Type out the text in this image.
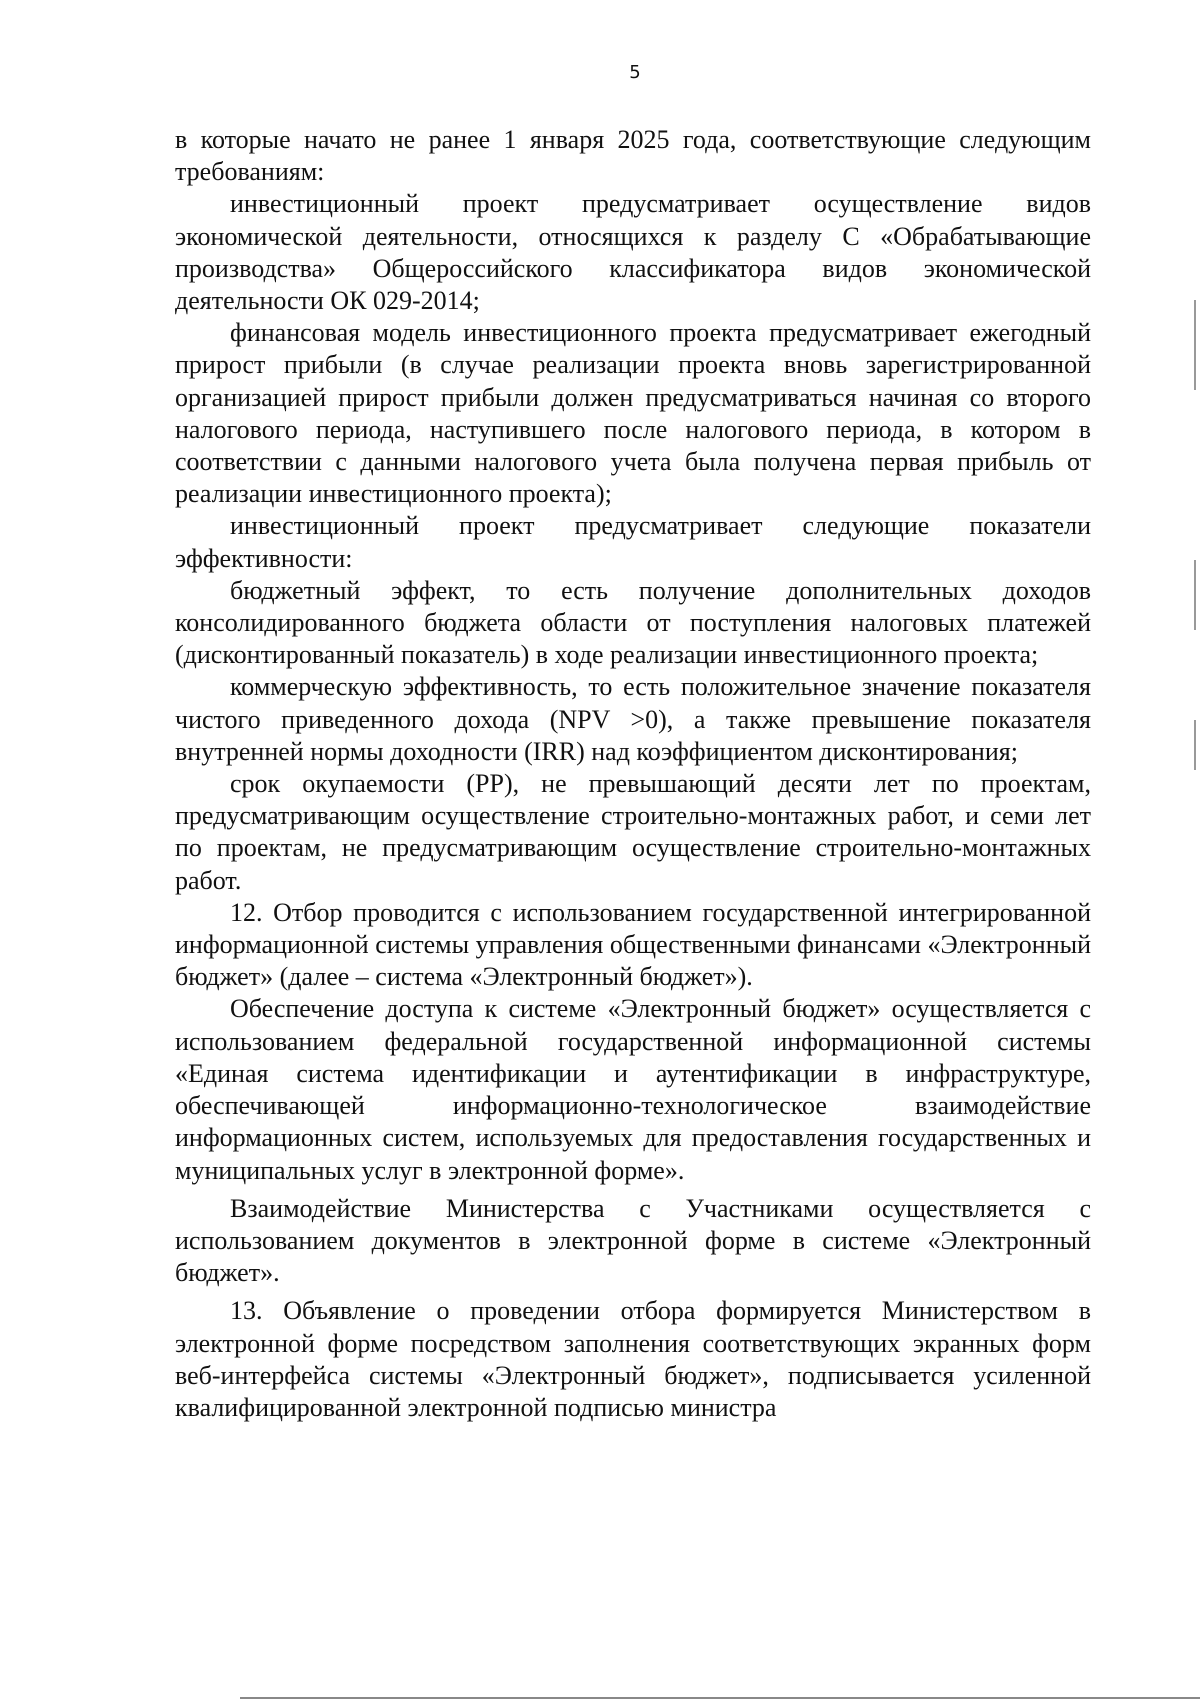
5

в которые начато не ранее 1 января 2025 года, соответствующие следующим требованиям:

инвестиционный проект предусматривает осуществление видов экономической деятельности, относящихся к разделу C «Обрабатывающие производства» Общероссийского классификатора видов экономической деятельности ОК 029-2014;

финансовая модель инвестиционного проекта предусматривает ежегодный прирост прибыли (в случае реализации проекта вновь зарегистрированной организацией прирост прибыли должен предусматриваться начиная со второго налогового периода, наступившего после налогового периода, в котором в соответствии с данными налогового учета была получена первая прибыль от реализации инвестиционного проекта);

инвестиционный проект предусматривает следующие показатели эффективности:

бюджетный эффект, то есть получение дополнительных доходов консолидированного бюджета области от поступления налоговых платежей (дисконтированный показатель) в ходе реализации инвестиционного проекта;

коммерческую эффективность, то есть положительное значение показателя чистого приведенного дохода (NPV >0), а также превышение показателя внутренней нормы доходности (IRR) над коэффициентом дисконтирования;

срок окупаемости (PP), не превышающий десяти лет по проектам, предусматривающим осуществление строительно-монтажных работ, и семи лет по проектам, не предусматривающим осуществление строительно-монтажных работ.

12. Отбор проводится с использованием государственной интегрированной информационной системы управления общественными финансами «Электронный бюджет» (далее – система «Электронный бюджет»).

Обеспечение доступа к системе «Электронный бюджет» осуществляется с использованием федеральной государственной информационной системы «Единая система идентификации и аутентификации в инфраструктуре, обеспечивающей информационно-технологическое взаимодействие информационных систем, используемых для предоставления государственных и муниципальных услуг в электронной форме».

Взаимодействие Министерства с Участниками осуществляется с использованием документов в электронной форме в системе «Электронный бюджет».

13. Объявление о проведении отбора формируется Министерством в электронной форме посредством заполнения соответствующих экранных форм веб-интерфейса системы «Электронный бюджет», подписывается усиленной квалифицированной электронной подписью министра
